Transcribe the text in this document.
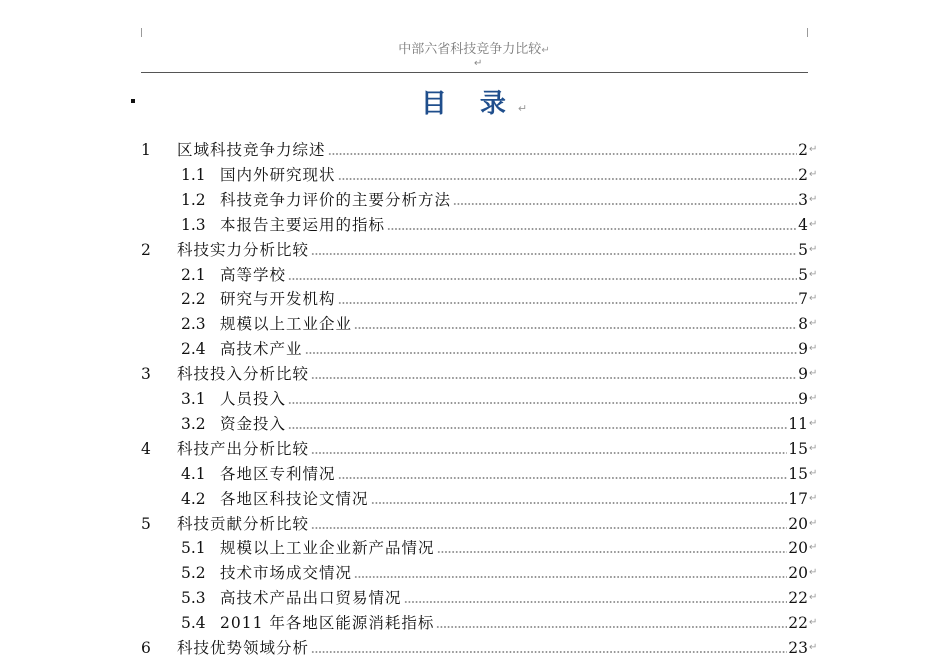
中部六省科技竞争力比较↵
↵
目 录↵
1	区域科技竞争力综述	2 ↵
1.1 国内外研究现状	2 ↵
1.2 科技竞争力评价的主要分析方法	3 ↵
1.3 本报告主要运用的指标	4 ↵
2	科技实力分析比较	5 ↵
2.1 高等学校	5 ↵
2.2 研究与开发机构	7 ↵
2.3 规模以上工业企业	8 ↵
2.4 高技术产业	9 ↵
3	科技投入分析比较	9 ↵
3.1 人员投入	9 ↵
3.2 资金投入	11 ↵
4	科技产出分析比较	15 ↵
4.1 各地区专利情况	15 ↵
4.2 各地区科技论文情况	17 ↵
5	科技贡献分析比较	20 ↵
5.1 规模以上工业企业新产品情况	20 ↵
5.2 技术市场成交情况	20 ↵
5.3 高技术产品出口贸易情况	22 ↵
5.4 2011 年各地区能源消耗指标	22 ↵
6	科技优势领域分析	23 ↵
